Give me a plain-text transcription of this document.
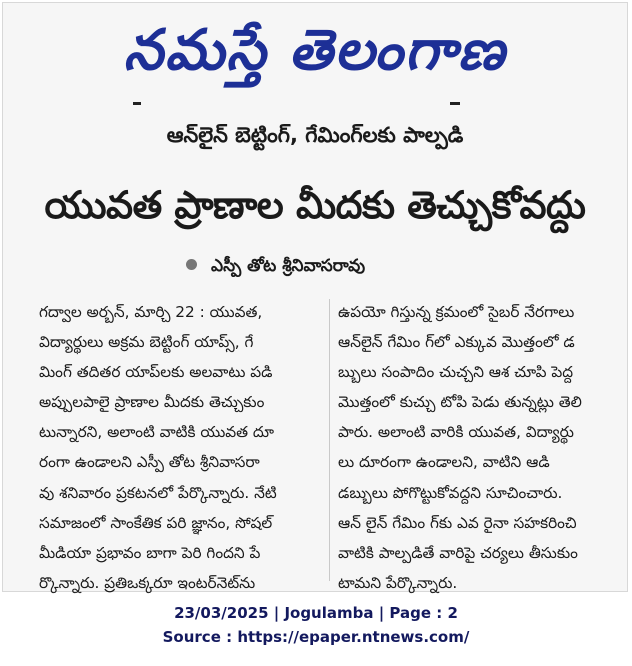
నమస్తే తెలంగాణ
ఆన్‌లైన్ బెట్టింగ్, గేమింగ్‌లకు పాల్పడి
యువత ప్రాణాల మీదకు తెచ్చుకోవద్దు
ఎస్పీ తోట శ్రీనివాసరావు
గద్వాల అర్బన్, మార్చి 22 : యువత,
విద్యార్థులు అక్రమ బెట్టింగ్ యాప్స్, గే
మింగ్ తదితర యాప్‌లకు అలవాటు పడి
అప్పులపాలై ప్రాణాల మీదకు తెచ్చుకుం
టున్నారని, అలాంటి వాటికి యువత దూ
రంగా ఉండాలని ఎస్పీ తోట శ్రీనివాసరా
వు శనివారం ప్రకటనలో పేర్కొన్నారు. నేటి
సమాజంలో సాంకేతిక పరి జ్ఞానం, సోషల్
మీడియా ప్రభావం బాగా పెరి గిందని పే
ర్కొన్నారు. ప్రతిఒక్కరూ ఇంటర్‌నెట్‌ను
ఉపయో గిస్తున్న క్రమంలో సైబర్ నేరగాలు
ఆన్‌లైన్ గేమిం గ్‌లో ఎక్కువ మొత్తంలో డ
బ్బులు సంపాదిం చుచ్చని ఆశ చూపి పెద్ద
మొత్తంలో కుచ్చు టోపి పెడు తున్నట్లు తెలి
పారు. అలాంటి వారికి యువత, విద్యార్థు
లు దూరంగా ఉండాలని, వాటిని ఆడి
డబ్బులు పోగొట్టుకోవద్దని సూచించారు.
ఆన్ లైన్ గేమిం గ్‌కు ఎవ రైనా సహకరించి
వాటికి పాల్పడితే వారిపై చర్యలు తీసుకుం
టామని పేర్కొన్నారు.
23/03/2025 | Jogulamba | Page : 2
Source : https://epaper.ntnews.com/
